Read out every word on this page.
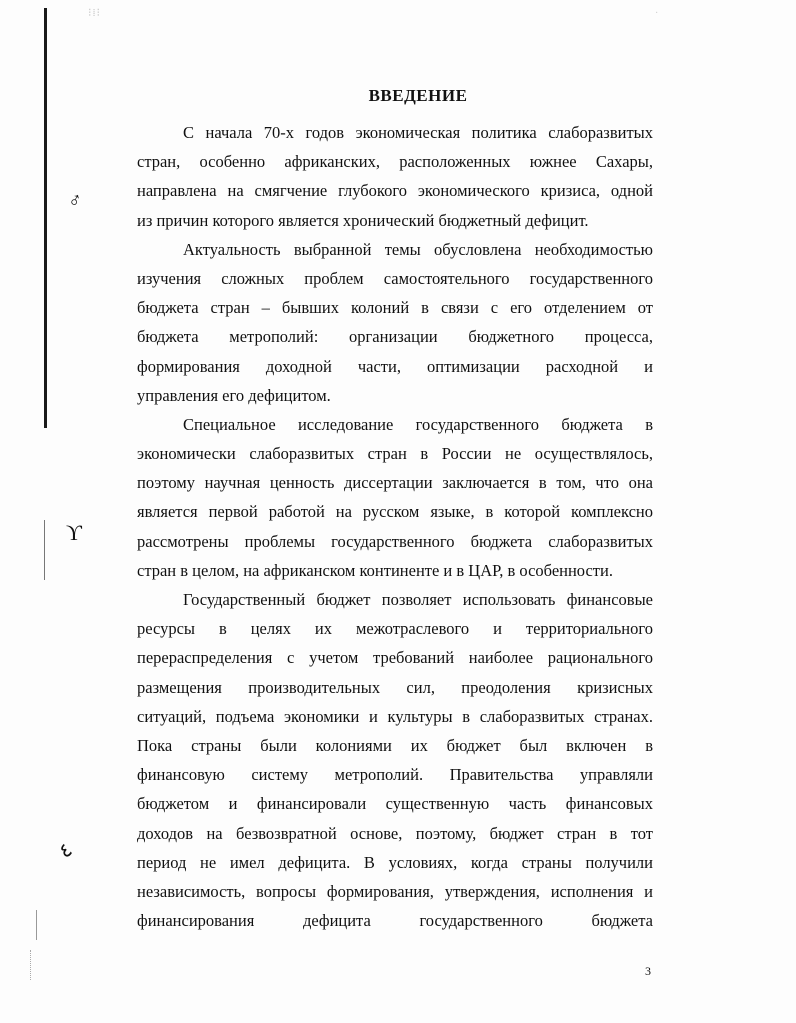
⁝⁞⁝	·
♂
ϒ
٤
ВВЕДЕНИЕ
С начала 70-х годов экономическая политика слаборазвитых
стран, особенно африканских, расположенных южнее Сахары,
направлена на смягчение глубокого экономического кризиса, одной
из причин которого является хронический бюджетный дефицит.
Актуальность выбранной темы обусловлена необходимостью
изучения сложных проблем самостоятельного государственного
бюджета стран – бывших колоний в связи с его отделением от
бюджета метрополий: организации бюджетного процесса,
формирования доходной части, оптимизации расходной и
управления его дефицитом.
Специальное исследование государственного бюджета в
экономически слаборазвитых стран в России не осуществлялось,
поэтому научная ценность диссертации заключается в том, что она
является первой работой на русском языке, в которой комплексно
рассмотрены проблемы государственного бюджета слаборазвитых
стран в целом, на африканском континенте и в ЦАР, в особенности.
Государственный бюджет позволяет использовать финансовые
ресурсы в целях их межотраслевого и территориального
перераспределения с учетом требований наиболее рационального
размещения производительных сил, преодоления кризисных
ситуаций, подъема экономики и культуры в слаборазвитых странах.
Пока страны были колониями их бюджет был включен в
финансовую систему метрополий. Правительства управляли
бюджетом и финансировали существенную часть финансовых
доходов на безвозвратной основе, поэтому, бюджет стран в тот
период не имел дефицита. В условиях, когда страны получили
независимость, вопросы формирования, утверждения, исполнения и
финансирования дефицита государственного бюджета
3
